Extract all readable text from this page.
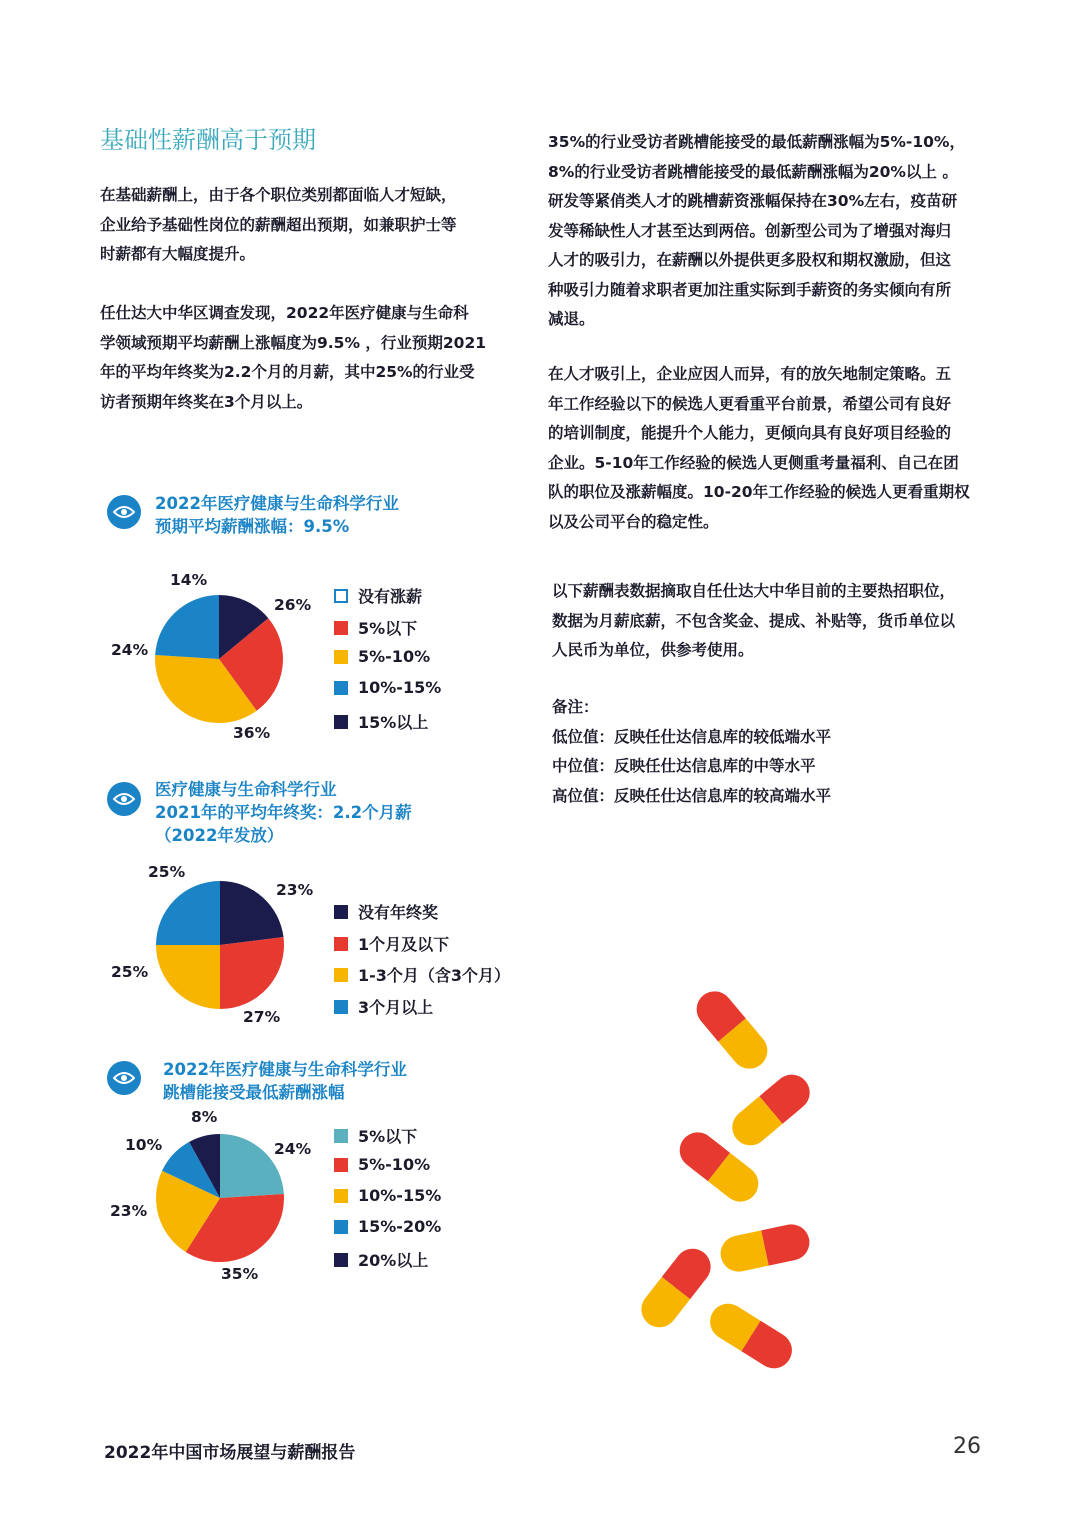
基础性薪酬高于预期
在基础薪酬上，由于各个职位类别都面临人才短缺，
企业给予基础性岗位的薪酬超出预期，如兼职护士等
时薪都有大幅度提升。
任仕达大中华区调查发现，2022年医疗健康与生命科
学领域预期平均薪酬上涨幅度为9.5% ，行业预期2021
年的平均年终奖为2.2个月的月薪，其中25%的行业受
访者预期年终奖在3个月以上。
35%的行业受访者跳槽能接受的最低薪酬涨幅为5%-10%，
8%的行业受访者跳槽能接受的最低薪酬涨幅为20%以上 。
研发等紧俏类人才的跳槽薪资涨幅保持在30%左右，疫苗研
发等稀缺性人才甚至达到两倍。创新型公司为了增强对海归
人才的吸引力，在薪酬以外提供更多股权和期权激励，但这
种吸引力随着求职者更加注重实际到手薪资的务实倾向有所
减退。
在人才吸引上，企业应因人而异，有的放矢地制定策略。五
年工作经验以下的候选人更看重平台前景，希望公司有良好
的培训制度，能提升个人能力，更倾向具有良好项目经验的
企业。5-10年工作经验的候选人更侧重考量福利、自己在团
队的职位及涨薪幅度。10-20年工作经验的候选人更看重期权
以及公司平台的稳定性。
以下薪酬表数据摘取自任仕达大中华目前的主要热招职位，
数据为月薪底薪，不包含奖金、提成、补贴等，货币单位以
人民币为单位，供参考使用。
备注：
低位值：反映任仕达信息库的较低端水平
中位值：反映任仕达信息库的中等水平
高位值：反映任仕达信息库的较高端水平
2022年医疗健康与生命科学行业
预期平均薪酬涨幅：9.5%
医疗健康与生命科学行业
2021年的平均年终奖：2.2个月薪
（2022年发放）
2022年医疗健康与生命科学行业
跳槽能接受最低薪酬涨幅
26%
36%
24%
14%
23%
27%
25%
25%
24%
35%
23%
10%
8%
没有涨薪
5%以下
5%-10%
10%-15%
15%以上
没有年终奖
1个月及以下
1-3个月（含3个月）
3个月以上
5%以下
5%-10%
10%-15%
15%-20%
20%以上
2022年中国市场展望与薪酬报告	26
